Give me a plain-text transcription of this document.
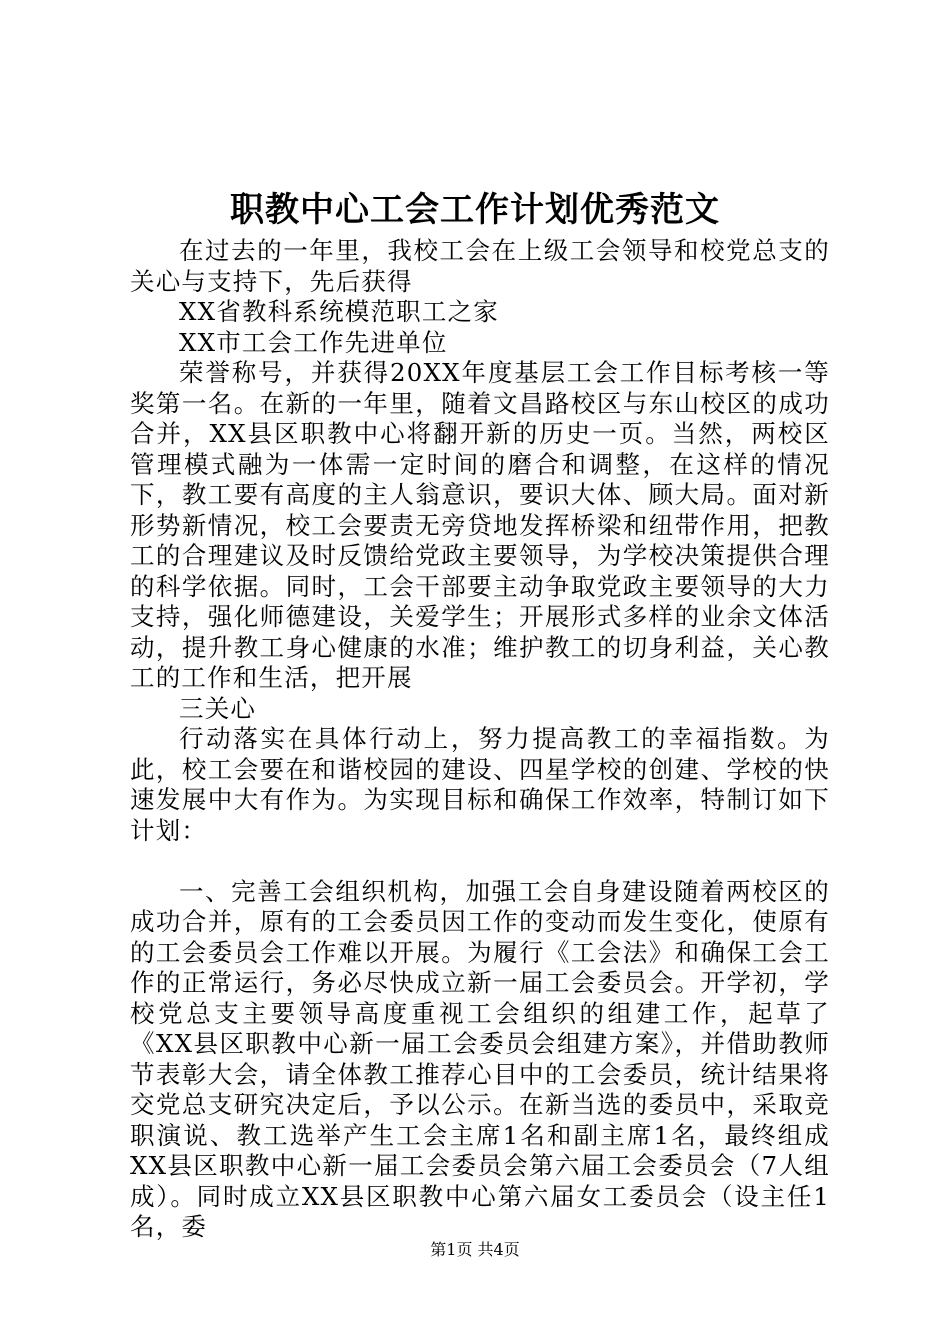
职教中心工会工作计划优秀范文

在过去的一年里，我校工会在上级工会领导和校党总支的关心与支持下，先后获得

XX省教科系统模范职工之家

XX市工会工作先进单位

荣誉称号，并获得20XX年度基层工会工作目标考核一等奖第一名。在新的一年里，随着文昌路校区与东山校区的成功合并，XX县区职教中心将翻开新的历史一页。当然，两校区管理模式融为一体需一定时间的磨合和调整，在这样的情况下，教工要有高度的主人翁意识，要识大体、顾大局。面对新形势新情况，校工会要责无旁贷地发挥桥梁和纽带作用，把教工的合理建议及时反馈给党政主要领导，为学校决策提供合理的科学依据。同时，工会干部要主动争取党政主要领导的大力支持，强化师德建设，关爱学生；开展形式多样的业余文体活动，提升教工身心健康的水准；维护教工的切身利益，关心教工的工作和生活，把开展

三关心

行动落实在具体行动上，努力提高教工的幸福指数。为此，校工会要在和谐校园的建设、四星学校的创建、学校的快速发展中大有作为。为实现目标和确保工作效率，特制订如下计划：

一、完善工会组织机构，加强工会自身建设随着两校区的成功合并，原有的工会委员因工作的变动而发生变化，使原有的工会委员会工作难以开展。为履行《工会法》和确保工会工作的正常运行，务必尽快成立新一届工会委员会。开学初，学校党总支主要领导高度重视工会组织的组建工作，起草了《XX县区职教中心新一届工会委员会组建方案》，并借助教师节表彰大会，请全体教工推荐心目中的工会委员，统计结果将交党总支研究决定后，予以公示。在新当选的委员中，采取竞职演说、教工选举产生工会主席1名和副主席1名，最终组成XX县区职教中心新一届工会委员会第六届工会委员会（7人组成）。同时成立XX县区职教中心第六届女工委员会（设主任1名，委

第1页 共4页
